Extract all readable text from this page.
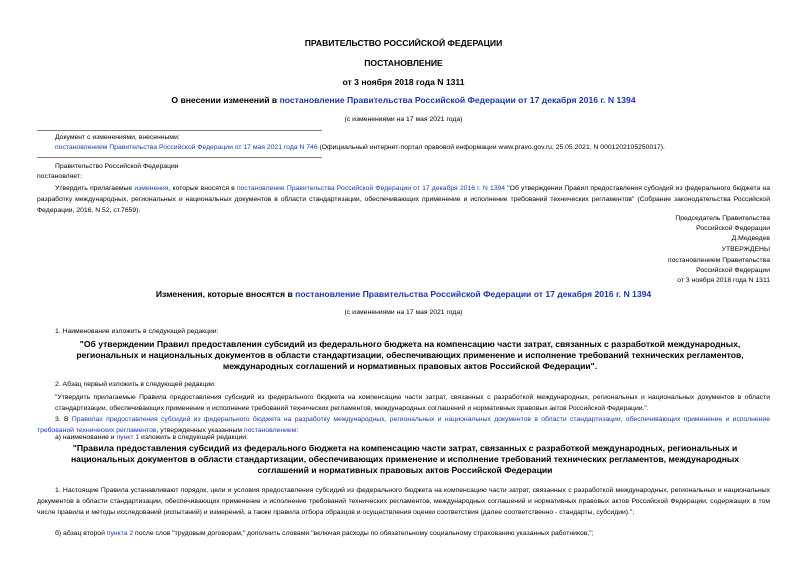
ПРАВИТЕЛЬСТВО РОССИЙСКОЙ ФЕДЕРАЦИИ

ПОСТАНОВЛЕНИЕ

от 3 ноября 2018 года N 1311

О внесении изменений в постановление Правительства Российской Федерации от 17 декабря 2016 г. N 1394

(с изменениями на 17 мая 2021 года)

Документ с изменениями, внесенными:

постановлением Правительства Российской Федерации от 17 мая 2021 года N 746 (Официальный интернет-портал правовой информации www.pravo.gov.ru, 25.05.2021, N 0001202105250017).

Правительство Российской Федерации

постановляет:

Утвердить прилагаемые изменения, которые вносятся в постановление Правительства Российской Федерации от 17 декабря 2016 г. N 1394 "Об утверждении Правил предоставления субсидий из федерального бюджета на разработку международных, региональных и национальных документов в области стандартизации, обеспечивающих применение и исполнение требований технических регламентов" (Собрание законодательства Российской Федерации, 2016, N 52, ст.7659).

Председатель Правительства

Российской Федерации

Д.Медведев

УТВЕРЖДЕНЫ

постановлением Правительства

Российской Федерации

от 3 ноября 2018 года N 1311

Изменения, которые вносятся в постановление Правительства Российской Федерации от 17 декабря 2016 г. N 1394

(с изменениями на 17 мая 2021 года)

1. Наименование изложить в следующей редакции:

"Об утверждении Правил предоставления субсидий из федерального бюджета на компенсацию части затрат, связанных с разработкой международных, региональных и национальных документов в области стандартизации, обеспечивающих применение и исполнение требований технических регламентов, международных соглашений и нормативных правовых актов Российской Федерации".

2. Абзац первый изложить в следующей редакции:

"Утвердить прилагаемые Правила предоставления субсидий из федерального бюджета на компенсацию части затрат, связанных с разработкой международных, региональных и национальных документов в области стандартизации, обеспечивающих применение и исполнение требований технических регламентов, международных соглашений и нормативных правовых актов Российской Федерации.".

3. В Правилах предоставления субсидий из федерального бюджета на разработку международных, региональных и национальных документов в области стандартизации, обеспечивающих применение и исполнение требований технических регламентов, утвержденных указанным постановлением:

а) наименование и пункт 1 изложить в следующей редакции:

"Правила предоставления субсидий из федерального бюджета на компенсацию части затрат, связанных с разработкой международных, региональных и национальных документов в области стандартизации, обеспечивающих применение и исполнение требований технических регламентов, международных соглашений и нормативных правовых актов Российской Федерации

1. Настоящие Правила устанавливают порядок, цели и условия предоставления субсидий из федерального бюджета на компенсацию части затрат, связанных с разработкой международных, региональных и национальных документов в области стандартизации, обеспечивающих применение и исполнение требований технических регламентов, международных соглашений и нормативных правовых актов Российской Федерации, содержащих в том числе правила и методы исследований (испытаний) и измерений, а также правила отбора образцов и осуществления оценки соответствия (далее соответственно - стандарты, субсидии).";

б) абзац второй пункта 2 после слов "трудовым договорам," дополнить словами "включая расходы по обязательному социальному страхованию указанных работников,";
